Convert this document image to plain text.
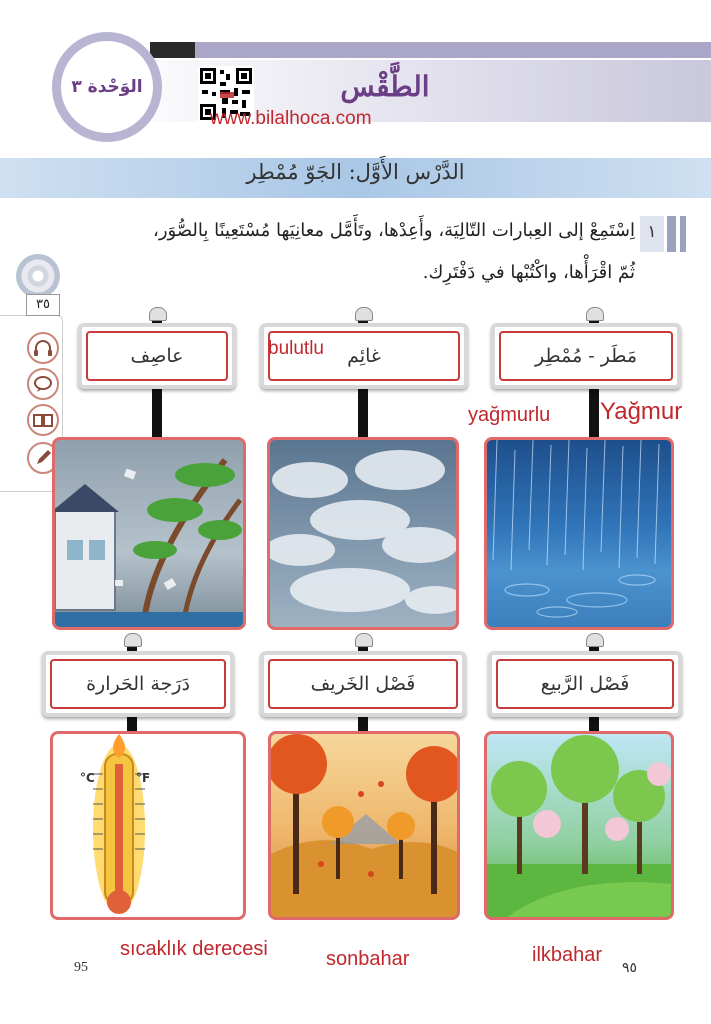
الوَحْدة ٣	الطَّقْس
www.bilalhoca.com
الدَّرْس الأَوَّل: الجَوّ مُمْطِر
١
اِسْتَمِعْ إلى العِبارات التّالِيَة، وأَعِدْها، وتَأَمَّل معانِيَها مُسْتَعِينًا بِالصُّوَر،
ثُمّ اقْرَأْها، واكْتُبْها في دَفْتَرِك.
٣٥
مَطَر - مُمْطِر
غائِم
عاصِف
فَصْل الرَّبيع
فَصْل الخَريف
دَرَجة الحَرارة
°C	°F
bulutlu
Yağmur
yağmurlu
sıcaklık derecesi	sonbahar	ilkbahar
95	٩٥
